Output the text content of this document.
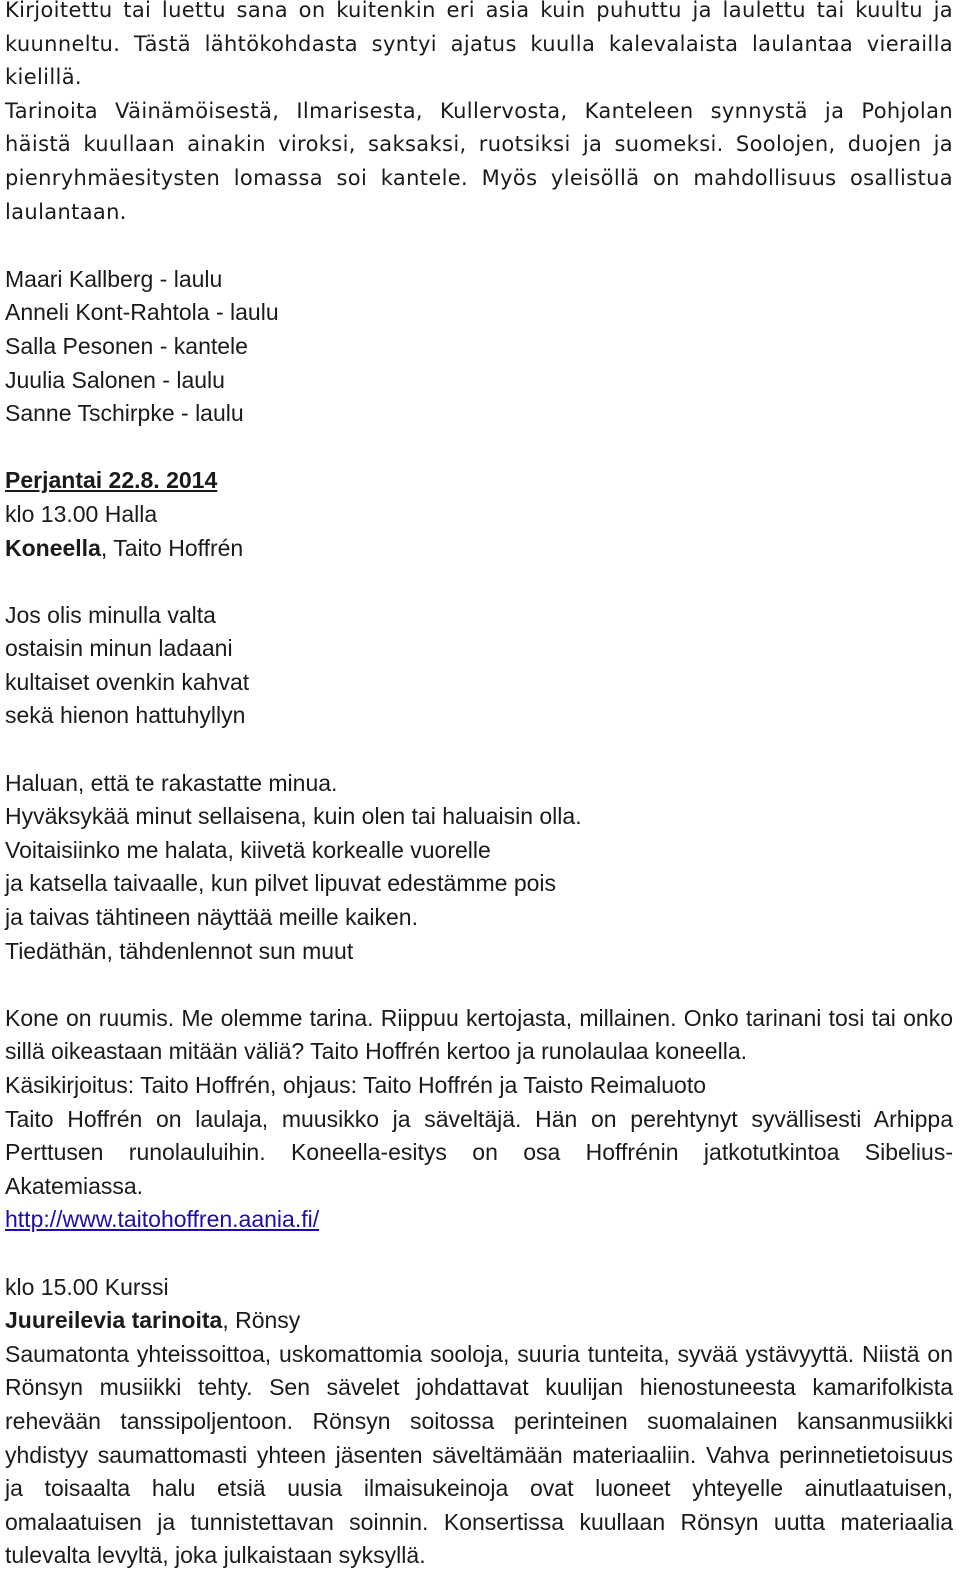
Kirjoitettu tai luettu sana on kuitenkin eri asia kuin puhuttu ja laulettu tai kuultu ja kuunneltu. Tästä lähtökohdasta syntyi ajatus kuulla kalevalaista laulantaa vierailla kielillä.

Tarinoita Väinämöisestä, Ilmarisesta, Kullervosta, Kanteleen synnystä ja Pohjolan häistä kuullaan ainakin viroksi, saksaksi, ruotsiksi ja suomeksi. Soolojen, duojen ja pienryhmäesitysten lomassa soi kantele. Myös yleisöllä on mahdollisuus osallistua laulantaan.

Maari Kallberg - laulu
Anneli Kont-Rahtola - laulu
Salla Pesonen - kantele
Juulia Salonen - laulu
Sanne Tschirpke - laulu
Perjantai 22.8. 2014
klo 13.00 Halla
Koneella, Taito Hoffrén
Jos olis minulla valta
ostaisin minun ladaani
kultaiset ovenkin kahvat
sekä hienon hattuhyllyn
Haluan, että te rakastatte minua.
Hyväksykää minut sellaisena, kuin olen tai haluaisin olla.
Voitaisiinko me halata, kiivetä korkealle vuorelle
ja katsella taivaalle, kun pilvet lipuvat edestämme pois
ja taivas tähtineen näyttää meille kaiken.
Tiedäthän, tähdenlennot sun muut

Kone on ruumis. Me olemme tarina. Riippuu kertojasta, millainen. Onko tarinani tosi tai onko sillä oikeastaan mitään väliä? Taito Hoffrén kertoo ja runolaulaa koneella.

Käsikirjoitus: Taito Hoffrén, ohjaus: Taito Hoffrén ja Taisto Reimaluoto

Taito Hoffrén on laulaja, muusikko ja säveltäjä. Hän on perehtynyt syvällisesti Arhippa Perttusen runolauluihin. Koneella-esitys on osa Hoffrénin jatkotutkintoa Sibelius-Akatemiassa.

http://www.taitohoffren.aania.fi/

klo 15.00 Kurssi
Juureilevia tarinoita, Rönsy

Saumatonta yhteissoittoa, uskomattomia sooloja, suuria tunteita, syvää ystävyyttä. Niistä on Rönsyn musiikki tehty. Sen sävelet johdattavat kuulijan hienostuneesta kamarifolkista rehevään tanssipoljentoon. Rönsyn soitossa perinteinen suomalainen kansanmusiikki yhdistyy saumattomasti yhteen jäsenten säveltämään materiaaliin. Vahva perinnetietoisuus ja toisaalta halu etsiä uusia ilmaisukeinoja ovat luoneet yhteyelle ainutlaatuisen, omalaatuisen ja tunnistettavan soinnin. Konsertissa kuullaan Rönsyn uutta materiaalia tulevalta levyltä, joka julkaistaan syksyllä.
